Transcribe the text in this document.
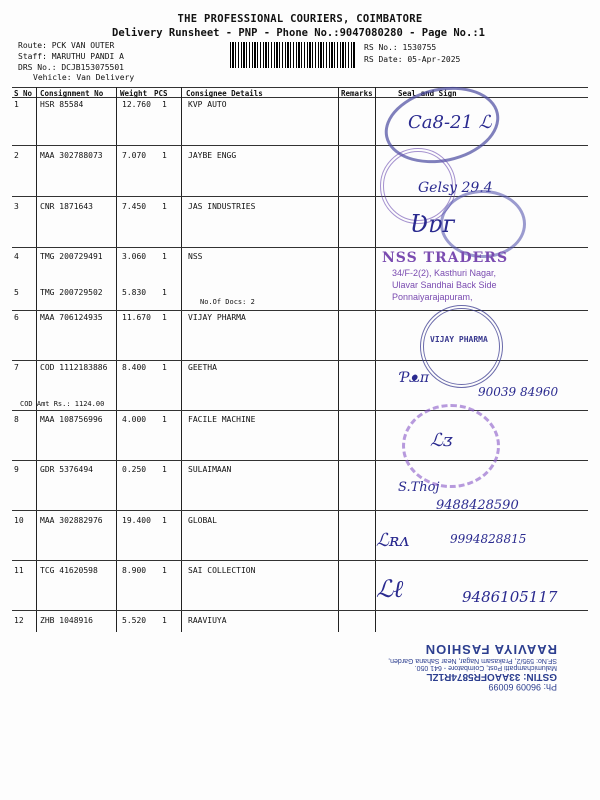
THE PROFESSIONAL COURIERS, COIMBATORE
Delivery Runsheet - PNP - Phone No.:9047080280 - Page No.:1
Route: PCK VAN OUTER
Staff: MARUTHU PANDI A
DRS No.: DCJB153075501
Vehicle: Van Delivery
RS No.: 1530755
RS Date: 05-Apr-2025
S No Consignment No Weight PCS Consignee Details	Remarks	Seal and Sign
1	HSR 85584	12.760 1	KVP AUTO
2	MAA 302788073 7.070 1	JAYBE ENGG
3	CNR 1871643	7.450 1	JAS INDUSTRIES
4	TMG 200729491 3.060 1	NSS
5	TMG 200729502 5.830 1
No.Of Docs: 2
6	MAA 706124935 11.670 1	VIJAY PHARMA
7	COD 1112183886 8.400 1	GEETHA
COD Amt Rs.: 1124.00
8	MAA 108756996 4.000 1	FACILE MACHINE
9	GDR 5376494	0.250 1	SULAIMAAN
10 MAA 302882976 19.400 1	GLOBAL
11 TCG 41620598	8.900 1	SAI COLLECTION
12 ZHB 1048916	5.520 1	RAAVIUYA
Ca8-21 ℒ
Gelsy 29.4
Ʋɐᴦ
NSS TRADERS
34/F-2(2), Kasthuri Nagar,
Ulavar Sandhai Back Side
Ponnaiyarajapuram,
VIJAY PHARMA
Ƥᴥᴨ
90039 84960
ℒᴣ
S.Thoj
9488428590
ℒʀᴧ	9994828815
ℒℓ	9486105117
Ph: 96009 60099
GSTIN: 33AAOFR5874R1ZL
Malumichampatti Post, Coimbatore - 641 050.
SF.No: 595/2, Prakasam Nagar, Near Sahana Garden,
RAAVIYA FASHION
